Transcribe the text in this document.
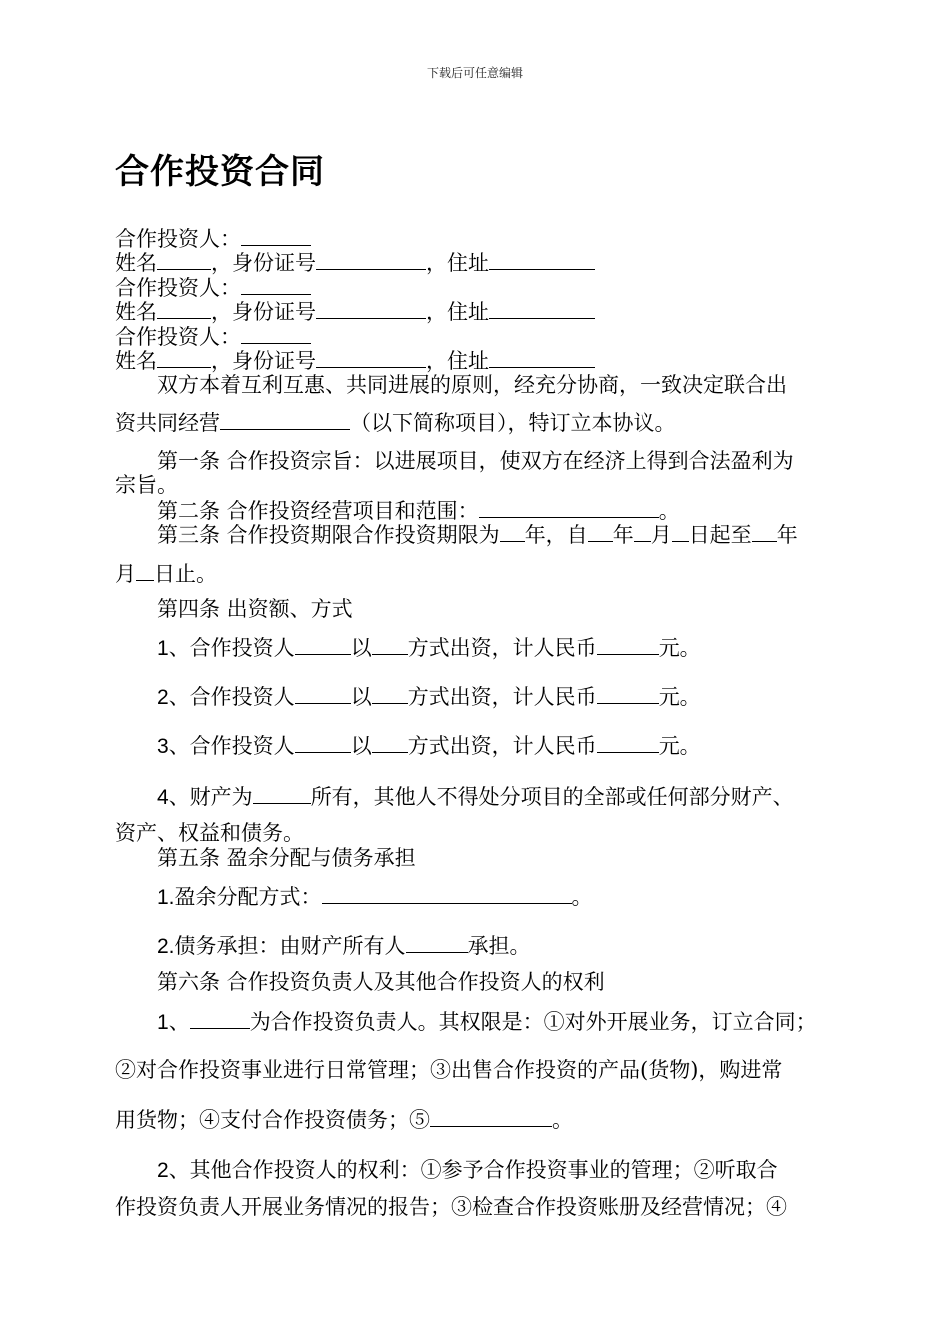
下载后可任意编辑
合作投资合同
合作投资人：
姓名	，身份证号	，住址
合作投资人：
姓名	，身份证号	，住址
合作投资人：
姓名	，身份证号	，住址
双方本着互利互惠、共同进展的原则，经充分协商，一致决定联合出
资共同经营	（以下简称项目），特订立本协议。
第一条 合作投资宗旨：以进展项目，使双方在经济上得到合法盈利为
宗旨。
第二条 合作投资经营项目和范围：	。
第三条 合作投资期限合作投资期限为 年，自 年 月 日起至 年
月 日止。
第四条 出资额、方式
1、合作投资人	以 方式出资，计人民币	元。
2、合作投资人	以 方式出资，计人民币	元。
3、合作投资人	以 方式出资，计人民币	元。
4、财产为	所有，其他人不得处分项目的全部或任何部分财产、
资产、权益和债务。
第五条 盈余分配与债务承担
1.盈余分配方式：	。
2.债务承担：由财产所有人	承担。
第六条 合作投资负责人及其他合作投资人的权利
1、	为合作投资负责人。其权限是：①对外开展业务，订立合同；
②对合作投资事业进行日常管理；③出售合作投资的产品(货物)，购进常
用货物；④支付合作投资债务；⑤	。
2、其他合作投资人的权利：①参予合作投资事业的管理；②听取合
作投资负责人开展业务情况的报告；③检查合作投资账册及经营情况；④
